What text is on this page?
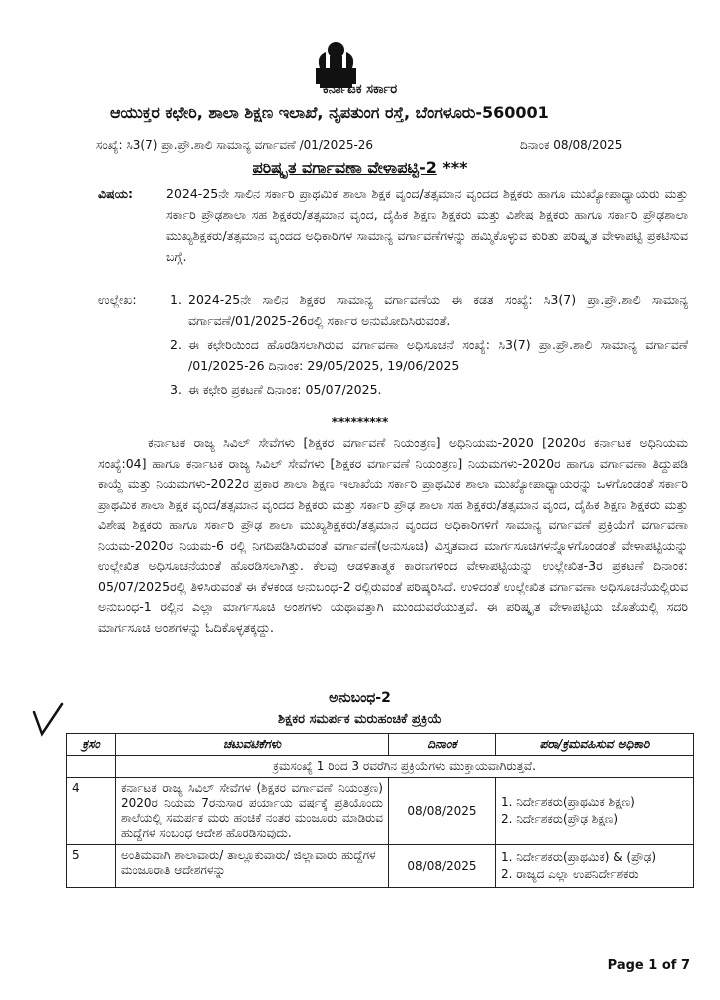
ಕರ್ನಾಟಕ ಸರ್ಕಾರ
ಆಯುಕ್ತರ ಕಛೇರಿ, ಶಾಲಾ ಶಿಕ್ಷಣ ಇಲಾಖೆ, ನೃಪತುಂಗ ರಸ್ತೆ, ಬೆಂಗಳೂರು-560001
ಸಂಖ್ಯೆ: ಸಿ3(7) ಪ್ರಾ.ಪ್ರೌ.ಶಾಲಿ ಸಾಮಾನ್ಯ ವರ್ಗಾವಣೆ /01/2025-26	ದಿನಾಂಕ 08/08/2025
ಪರಿಷ್ಕೃತ ವರ್ಗಾವಣಾ ವೇಳಾಪಟ್ಟಿ-2 ***
ವಿಷಯ:	2024-25ನೇ ಸಾಲಿನ ಸರ್ಕಾರಿ ಪ್ರಾಥಮಿಕ ಶಾಲಾ ಶಿಕ್ಷಕ ವೃಂದ/ತತ್ಸಮಾನ ವೃಂದದ ಶಿಕ್ಷಕರು ಹಾಗೂ ಮುಖ್ಯೋಪಾಧ್ಯಾಯರು ಮತ್ತು ಸರ್ಕಾರಿ ಪ್ರೌಢಶಾಲಾ ಸಹ ಶಿಕ್ಷಕರು/ತತ್ಸಮಾನ ವೃಂದ, ದೈಹಿಕ ಶಿಕ್ಷಣ ಶಿಕ್ಷಕರು ಮತ್ತು ವಿಶೇಷ ಶಿಕ್ಷಕರು ಹಾಗೂ ಸರ್ಕಾರಿ ಪ್ರೌಢಶಾಲಾ ಮುಖ್ಯಶಿಕ್ಷಕರು/ತತ್ಸಮಾನ ವೃಂದದ ಅಧಿಕಾರಿಗಳ ಸಾಮಾನ್ಯ ವರ್ಗಾವಣೆಗಳನ್ನು ಹಮ್ಮಿಕೊಳ್ಳುವ ಕುರಿತು ಪರಿಷ್ಕೃತ ವೇಳಾಪಟ್ಟಿ ಪ್ರಕಟಿಸುವ ಬಗ್ಗೆ.
ಉಲ್ಲೇಖ:	1. 2024-25ನೇ ಸಾಲಿನ ಶಿಕ್ಷಕರ ಸಾಮಾನ್ಯ ವರ್ಗಾವಣೆಯ ಈ ಕಡತ ಸಂಖ್ಯೆ: ಸಿ3(7) ಪ್ರಾ.ಪ್ರೌ.ಶಾಲಿ ಸಾಮಾನ್ಯ ವರ್ಗಾವಣೆ/01/2025-26ರಲ್ಲಿ ಸರ್ಕಾರ ಅನುಮೋದಿಸಿರುವಂತೆ.
2. ಈ ಕಛೇರಿಯಿಂದ ಹೊರಡಿಸಲಾಗಿರುವ ವರ್ಗಾವಣಾ ಅಧಿಸೂಚನೆ ಸಂಖ್ಯೆ: ಸಿ3(7) ಪ್ರಾ.ಪ್ರೌ.ಶಾಲಿ ಸಾಮಾನ್ಯ ವರ್ಗಾವಣೆ /01/2025-26 ದಿನಾಂಕ: 29/05/2025, 19/06/2025
3. ಈ ಕಛೇರಿ ಪ್ರಕಟಣೆ ದಿನಾಂಕ: 05/07/2025.
*********
ಕರ್ನಾಟಕ ರಾಜ್ಯ ಸಿವಿಲ್ ಸೇವೆಗಳು [ಶಿಕ್ಷಕರ ವರ್ಗಾವಣೆ ನಿಯಂತ್ರಣ] ಅಧಿನಿಯಮ-2020 [2020ರ ಕರ್ನಾಟಕ ಅಧಿನಿಯಮ ಸಂಖ್ಯೆ:04] ಹಾಗೂ ಕರ್ನಾಟಕ ರಾಜ್ಯ ಸಿವಿಲ್ ಸೇವೆಗಳು [ಶಿಕ್ಷಕರ ವರ್ಗಾವಣೆ ನಿಯಂತ್ರಣ] ನಿಯಮಗಳು-2020ರ ಹಾಗೂ ವರ್ಗಾವಣಾ ತಿದ್ದುಪಡಿ ಕಾಯ್ದೆ ಮತ್ತು ನಿಯಮಗಳು-2022ರ ಪ್ರಕಾರ ಶಾಲಾ ಶಿಕ್ಷಣ ಇಲಾಖೆಯ ಸರ್ಕಾರಿ ಪ್ರಾಥಮಿಕ ಶಾಲಾ ಮುಖ್ಯೋಪಾಧ್ಯಾಯರನ್ನು ಒಳಗೊಂಡಂತೆ ಸರ್ಕಾರಿ ಪ್ರಾಥಮಿಕ ಶಾಲಾ ಶಿಕ್ಷಕ ವೃಂದ/ತತ್ಸಮಾನ ವೃಂದದ ಶಿಕ್ಷಕರು ಮತ್ತು ಸರ್ಕಾರಿ ಪ್ರೌಢ ಶಾಲಾ ಸಹ ಶಿಕ್ಷಕರು/ತತ್ಸಮಾನ ವೃಂದ, ದೈಹಿಕ ಶಿಕ್ಷಣ ಶಿಕ್ಷಕರು ಮತ್ತು ವಿಶೇಷ ಶಿಕ್ಷಕರು ಹಾಗೂ ಸರ್ಕಾರಿ ಪ್ರೌಢ ಶಾಲಾ ಮುಖ್ಯಶಿಕ್ಷಕರು/ತತ್ಸಮಾನ ವೃಂದದ ಅಧಿಕಾರಿಗಳಿಗೆ ಸಾಮಾನ್ಯ ವರ್ಗಾವಣೆ ಪ್ರಕ್ರಿಯೆಗೆ ವರ್ಗಾವಣಾ ನಿಯಮ-2020ರ ನಿಯಮ-6 ರಲ್ಲಿ ನಿಗದಿಪಡಿಸಿರುವಂತೆ ವರ್ಗಾವಣೆ(ಅನುಸೂಚಿ) ವಿಸ್ತೃತವಾದ ಮಾರ್ಗಸೂಚಿಗಳನ್ನೊಳಗೊಂಡಂತೆ ವೇಳಾಪಟ್ಟಿಯನ್ನು ಉಲ್ಲೇಖಿತ ಅಧಿಸೂಚನೆಯಂತೆ ಹೊರಡಿಸಲಾಗಿತ್ತು. ಕೆಲವು ಆಡಳಿತಾತ್ಮಕ ಕಾರಣಗಳಿಂದ ವೇಳಾಪಟ್ಟಿಯನ್ನು ಉಲ್ಲೇಖಿತ-3ರ ಪ್ರಕಟಣೆ ದಿನಾಂಕ: 05/07/2025ರಲ್ಲಿ ತಿಳಿಸಿರುವಂತೆ ಈ ಕೆಳಕಂಡ ಅನುಬಂಧ-2 ರಲ್ಲಿರುವಂತೆ ಪರಿಷ್ಕರಿಸಿದೆ. ಉಳಿದಂತೆ ಉಲ್ಲೇಖಿತ ವರ್ಗಾವಣಾ ಅಧಿಸೂಚನೆಯಲ್ಲಿರುವ ಅನುಬಂಧ-1 ರಲ್ಲಿನ ಎಲ್ಲಾ ಮಾರ್ಗಸೂಚಿ ಅಂಶಗಳು ಯಥಾವತ್ತಾಗಿ ಮುಂದುವರೆಯುತ್ತವೆ. ಈ ಪರಿಷ್ಕೃತ ವೇಳಾಪಟ್ಟಿಯ ಜೊತೆಯಲ್ಲಿ ಸದರಿ ಮಾರ್ಗಸೂಚಿ ಅಂಶಗಳನ್ನು ಓದಿಕೊಳ್ಳತಕ್ಕದ್ದು.
ಅನುಬಂಧ-2
ಶಿಕ್ಷಕರ ಸಮರ್ಪಕ ಮರುಹಂಚಿಕೆ ಪ್ರಕ್ರಿಯೆ
ಕ್ರಸಂ	ಚಟುವಟಿಕೆಗಳು	ದಿನಾಂಕ	ಪರಾ/ಕ್ರಮವಹಿಸುವ ಅಧಿಕಾರಿ
	ಕ್ರಮಸಂಖ್ಯೆ 1 ರಿಂದ 3 ರವರೆಗಿನ ಪ್ರಕ್ರಿಯೆಗಳು ಮುಕ್ತಾಯವಾಗಿರುತ್ತವೆ.		
4	ಕರ್ನಾಟಕ ರಾಜ್ಯ ಸಿವಿಲ್ ಸೇವೆಗಳ (ಶಿಕ್ಷಕರ ವರ್ಗಾವಣೆ ನಿಯಂತ್ರಣ) 2020ರ ನಿಯಮ 7ರನುಸಾರ ಪರ್ಯಾಯ ವರ್ಷಕ್ಕೆ ಪ್ರತಿಯೊಂದು ಶಾಲೆಯಲ್ಲಿ ಸಮರ್ಪಕ ಮರು ಹಂಚಿಕೆ ನಂತರ ಮಂಜೂರು ಮಾಡಿರುವ ಹುದ್ದೆಗಳ ಸಂಬಂಧ ಆದೇಶ ಹೊರಡಿಸುವುದು.	08/08/2025	1. ನಿರ್ದೇಶಕರು(ಪ್ರಾಥಮಿಕ ಶಿಕ್ಷಣ)
2. ನಿರ್ದೇಶಕರು(ಪ್ರೌಢ ಶಿಕ್ಷಣ)

5	ಅಂತಿಮವಾಗಿ ಶಾಲಾವಾರು/ ತಾಲ್ಲೂಕುವಾರು/ ಜಿಲ್ಲಾವಾರು ಹುದ್ದೆಗಳ ಮಂಜೂರಾತಿ ಆದೇಶಗಳನ್ನು	08/08/2025	1. ನಿರ್ದೇಶಕರು(ಪ್ರಾಥಮಿಕ) & (ಪ್ರೌಢ)
2. ರಾಜ್ಯದ ಎಲ್ಲಾ ಉಪನಿರ್ದೇಶಕರು
Page 1 of 7
